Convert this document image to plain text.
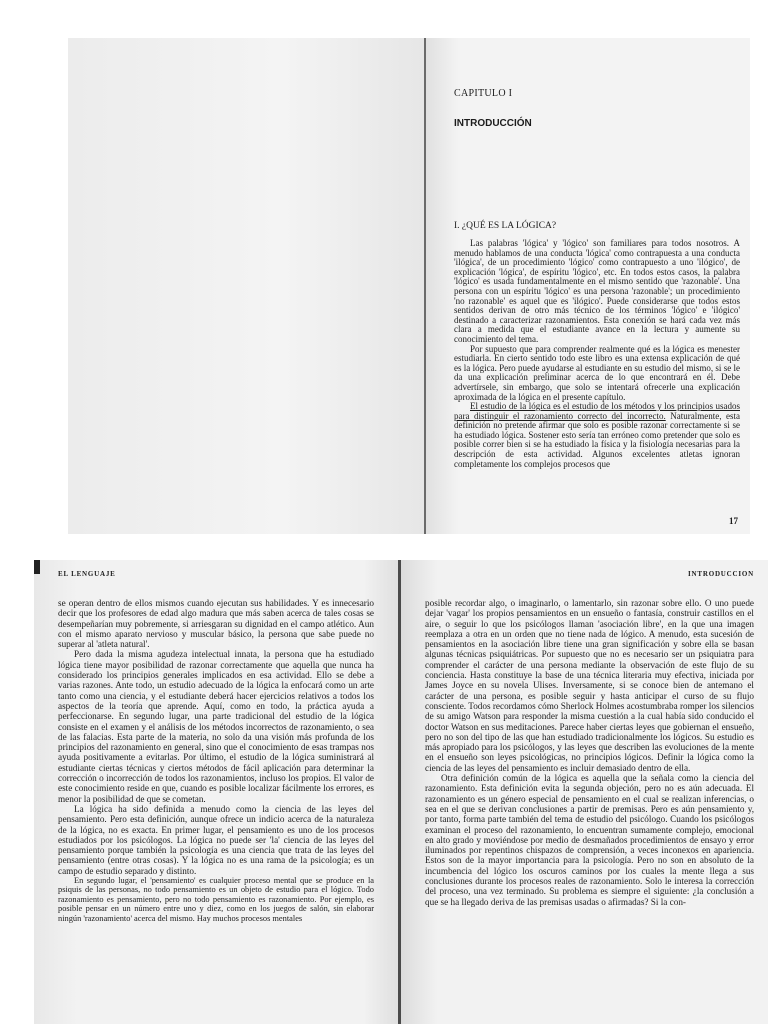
CAPITULO I

INTRODUCCIÓN

I. ¿QUÉ ES LA LÓGICA?

Las palabras 'lógica' y 'lógico' son familiares para todos nosotros. A menudo hablamos de una conducta 'lógica' como contrapuesta a una conducta 'ilógica', de un procedimiento 'lógico' como contrapuesto a uno 'ilógico', de explicación 'lógica', de espíritu 'lógico', etc. En todos estos casos, la palabra 'lógico' es usada fundamentalmente en el mismo sentido que 'razonable'. Una persona con un espíritu 'lógico' es una persona 'razonable'; un procedimiento 'no razonable' es aquel que es 'ilógico'. Puede considerarse que todos estos sentidos derivan de otro más técnico de los términos 'lógico' e 'ilógico' destinado a caracterizar razonamientos. Esta conexión se hará cada vez más clara a medida que el estudiante avance en la lectura y aumente su conocimiento del tema.

Por supuesto que para comprender realmente qué es la lógica es menester estudiarla. En cierto sentido todo este libro es una extensa explicación de qué es la lógica. Pero puede ayudarse al estudiante en su estudio del mismo, si se le da una explicación preliminar acerca de lo que encontrará en él. Debe advertírsele, sin embargo, que solo se intentará ofrecerle una explicación aproximada de la lógica en el presente capítulo.

El estudio de la lógica es el estudio de los métodos y los principios usados para distinguir el razonamiento correcto del incorrecto. Naturalmente, esta definición no pretende afirmar que solo es posible razonar correctamente si se ha estudiado lógica. Sostener esto sería tan erróneo como pretender que solo es posible correr bien si se ha estudiado la física y la fisiología necesarias para la descripción de esta actividad. Algunos excelentes atletas ignoran completamente los complejos procesos que

17

EL LENGUAJE

se operan dentro de ellos mismos cuando ejecutan sus habilidades. Y es innecesario decir que los profesores de edad algo madura que más saben acerca de tales cosas se desempeñarían muy pobremente, si arriesgaran su dignidad en el campo atlético. Aun con el mismo aparato nervioso y muscular básico, la persona que sabe puede no superar al 'atleta natural'.

Pero dada la misma agudeza intelectual innata, la persona que ha estudiado lógica tiene mayor posibilidad de razonar correctamente que aquella que nunca ha considerado los principios generales implicados en esa actividad. Ello se debe a varias razones. Ante todo, un estudio adecuado de la lógica la enfocará como un arte tanto como una ciencia, y el estudiante deberá hacer ejercicios relativos a todos los aspectos de la teoría que aprende. Aquí, como en todo, la práctica ayuda a perfeccionarse. En segundo lugar, una parte tradicional del estudio de la lógica consiste en el examen y el análisis de los métodos incorrectos de razonamiento, o sea de las falacias. Esta parte de la materia, no solo da una visión más profunda de los principios del razonamiento en general, sino que el conocimiento de esas trampas nos ayuda positivamente a evitarlas. Por último, el estudio de la lógica suministrará al estudiante ciertas técnicas y ciertos métodos de fácil aplicación para determinar la corrección o incorrección de todos los razonamientos, incluso los propios. El valor de este conocimiento reside en que, cuando es posible localizar fácilmente los errores, es menor la posibilidad de que se cometan.

La lógica ha sido definida a menudo como la ciencia de las leyes del pensamiento. Pero esta definición, aunque ofrece un indicio acerca de la naturaleza de la lógica, no es exacta. En primer lugar, el pensamiento es uno de los procesos estudiados por los psicólogos. La lógica no puede ser 'la' ciencia de las leyes del pensamiento porque también la psicología es una ciencia que trata de las leyes del pensamiento (entre otras cosas). Y la lógica no es una rama de la psicología; es un campo de estudio separado y distinto.

En segundo lugar, el 'pensamiento' es cualquier proceso mental que se produce en la psiquis de las personas, no todo pensamiento es un objeto de estudio para el lógico. Todo razonamiento es pensamiento, pero no todo pensamiento es razonamiento. Por ejemplo, es posible pensar en un número entre uno y diez, como en los juegos de salón, sin elaborar ningún 'razonamiento' acerca del mismo. Hay muchos procesos mentales

INTRODUCCION

posible recordar algo, o imaginarlo, o lamentarlo, sin razonar sobre ello. O uno puede dejar 'vagar' los propios pensamientos en un ensueño o fantasía, construir castillos en el aire, o seguir lo que los psicólogos llaman 'asociación libre', en la que una imagen reemplaza a otra en un orden que no tiene nada de lógico. A menudo, esta sucesión de pensamientos en la asociación libre tiene una gran significación y sobre ella se basan algunas técnicas psiquiátricas. Por supuesto que no es necesario ser un psiquiatra para comprender el carácter de una persona mediante la observación de este flujo de su conciencia. Hasta constituye la base de una técnica literaria muy efectiva, iniciada por James Joyce en su novela Ulises. Inversamente, si se conoce bien de antemano el carácter de una persona, es posible seguir y hasta anticipar el curso de su flujo consciente. Todos recordamos cómo Sherlock Holmes acostumbraba romper los silencios de su amigo Watson para responder la misma cuestión a la cual había sido conducido el doctor Watson en sus meditaciones. Parece haber ciertas leyes que gobiernan el ensueño, pero no son del tipo de las que han estudiado tradicionalmente los lógicos. Su estudio es más apropiado para los psicólogos, y las leyes que describen las evoluciones de la mente en el ensueño son leyes psicológicas, no principios lógicos. Definir la lógica como la ciencia de las leyes del pensamiento es incluir demasiado dentro de ella.

Otra definición común de la lógica es aquella que la señala como la ciencia del razonamiento. Esta definición evita la segunda objeción, pero no es aún adecuada. El razonamiento es un género especial de pensamiento en el cual se realizan inferencias, o sea en el que se derivan conclusiones a partir de premisas. Pero es aún pensamiento y, por tanto, forma parte también del tema de estudio del psicólogo. Cuando los psicólogos examinan el proceso del razonamiento, lo encuentran sumamente complejo, emocional en alto grado y moviéndose por medio de desmañados procedimientos de ensayo y error iluminados por repentinos chispazos de comprensión, a veces inconexos en apariencia. Estos son de la mayor importancia para la psicología. Pero no son en absoluto de la incumbencia del lógico los oscuros caminos por los cuales la mente llega a sus conclusiones durante los procesos reales de razonamiento. Solo le interesa la corrección del proceso, una vez terminado. Su problema es siempre el siguiente: ¿la conclusión a que se ha llegado deriva de las premisas usadas o afirmadas? Si la con-
